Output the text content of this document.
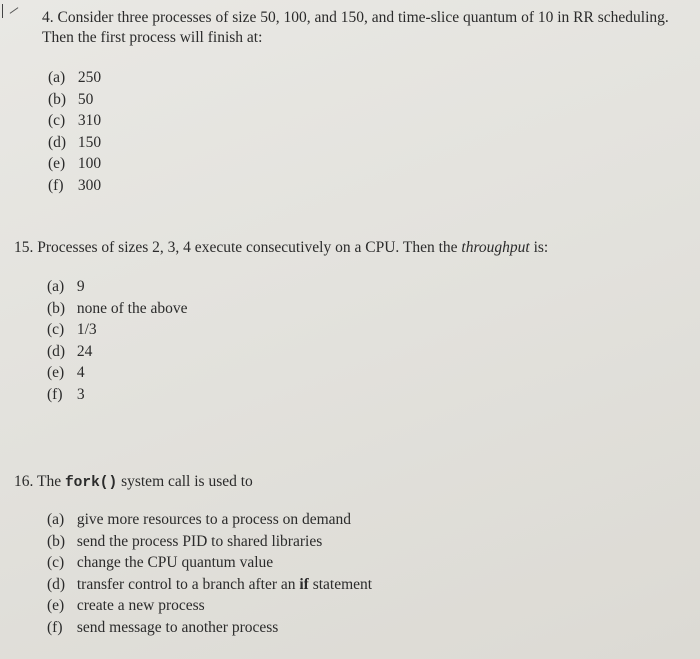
4. Consider three processes of size 50, 100, and 150, and time-slice quantum of 10 in RR scheduling. Then the first process will finish at:

(a) 250
(b) 50
(c) 310
(d) 150
(e) 100
(f) 300

15. Processes of sizes 2, 3, 4 execute consecutively on a CPU. Then the throughput is:

(a) 9
(b) none of the above
(c) 1/3
(d) 24
(e) 4
(f) 3

16. The fork() system call is used to

(a) give more resources to a process on demand
(b) send the process PID to shared libraries
(c) change the CPU quantum value
(d) transfer control to a branch after an if statement
(e) create a new process
(f) send message to another process
